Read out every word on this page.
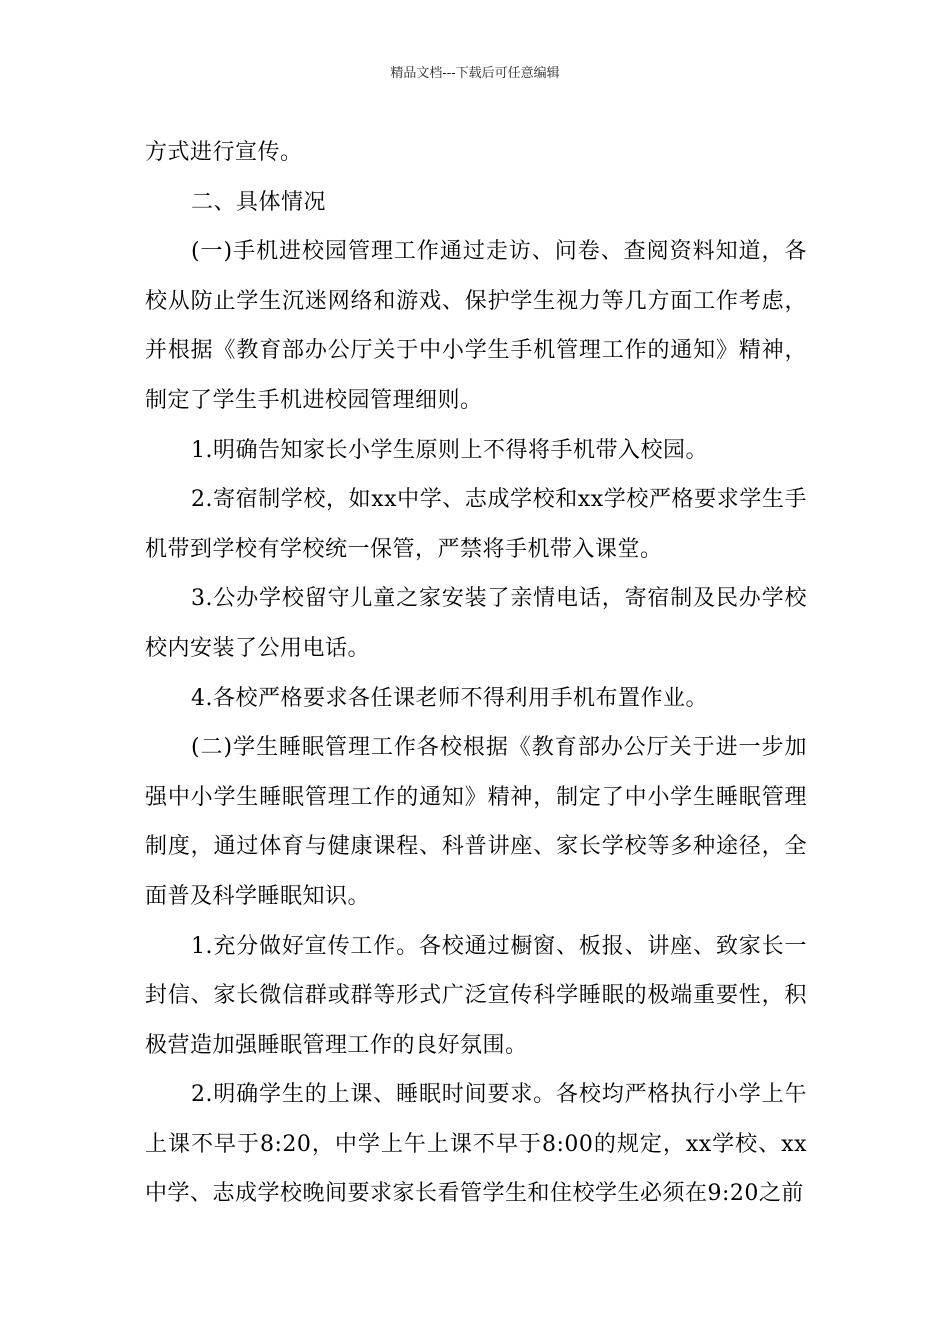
精品文档---下载后可任意编辑

方式进行宣传。

二、具体情况

(一)手机进校园管理工作通过走访、问卷、查阅资料知道，各校从防止学生沉迷网络和游戏、保护学生视力等几方面工作考虑，并根据《教育部办公厅关于中小学生手机管理工作的通知》精神，制定了学生手机进校园管理细则。

1.明确告知家长小学生原则上不得将手机带入校园。

2.寄宿制学校，如xx中学、志成学校和xx学校严格要求学生手机带到学校有学校统一保管，严禁将手机带入课堂。

3.公办学校留守儿童之家安装了亲情电话，寄宿制及民办学校校内安装了公用电话。

4.各校严格要求各任课老师不得利用手机布置作业。

(二)学生睡眠管理工作各校根据《教育部办公厅关于进一步加强中小学生睡眠管理工作的通知》精神，制定了中小学生睡眠管理制度，通过体育与健康课程、科普讲座、家长学校等多种途径，全面普及科学睡眠知识。

1.充分做好宣传工作。各校通过橱窗、板报、讲座、致家长一封信、家长微信群或群等形式广泛宣传科学睡眠的极端重要性，积极营造加强睡眠管理工作的良好氛围。

2.明确学生的上课、睡眠时间要求。各校均严格执行小学上午上课不早于8:20，中学上午上课不早于8:00的规定，xx学校、xx中学、志成学校晚间要求家长看管学生和住校学生必须在9:20之前
